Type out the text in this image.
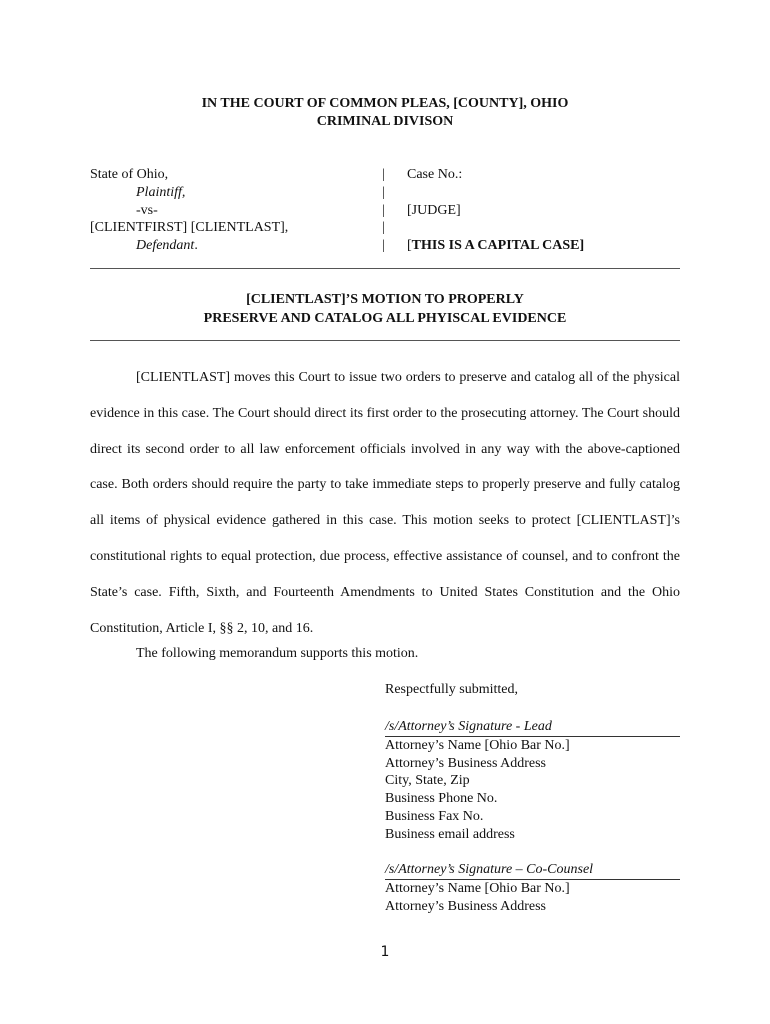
IN THE COURT OF COMMON PLEAS, [COUNTY], OHIO
CRIMINAL DIVISON
State of Ohio,
Plaintiff,
-vs-
[CLIENTFIRST] [CLIENTLAST],
Defendant.
|
|
|
|
|
Case No.:

[JUDGE]

[THIS IS A CAPITAL CASE]
[CLIENTLAST]’S MOTION TO PROPERLY
PRESERVE AND CATALOG ALL PHYISCAL EVIDENCE

[CLIENTLAST] moves this Court to issue two orders to preserve and catalog all of the physical evidence in this case. The Court should direct its first order to the prosecuting attorney. The Court should direct its second order to all law enforcement officials involved in any way with the above-captioned case. Both orders should require the party to take immediate steps to properly preserve and fully catalog all items of physical evidence gathered in this case. This motion seeks to protect [CLIENTLAST]’s constitutional rights to equal protection, due process, effective assistance of counsel, and to confront the State’s case. Fifth, Sixth, and Fourteenth Amendments to United States Constitution and the Ohio Constitution, Article I, §§ 2, 10, and 16.

The following memorandum supports this motion.
Respectfully submitted,
/s/Attorney’s Signature - Lead
Attorney’s Name [Ohio Bar No.]
Attorney’s Business Address
City, State, Zip
Business Phone No.
Business Fax No.
Business email address
/s/Attorney’s Signature – Co-Counsel
Attorney’s Name [Ohio Bar No.]
Attorney’s Business Address
1
